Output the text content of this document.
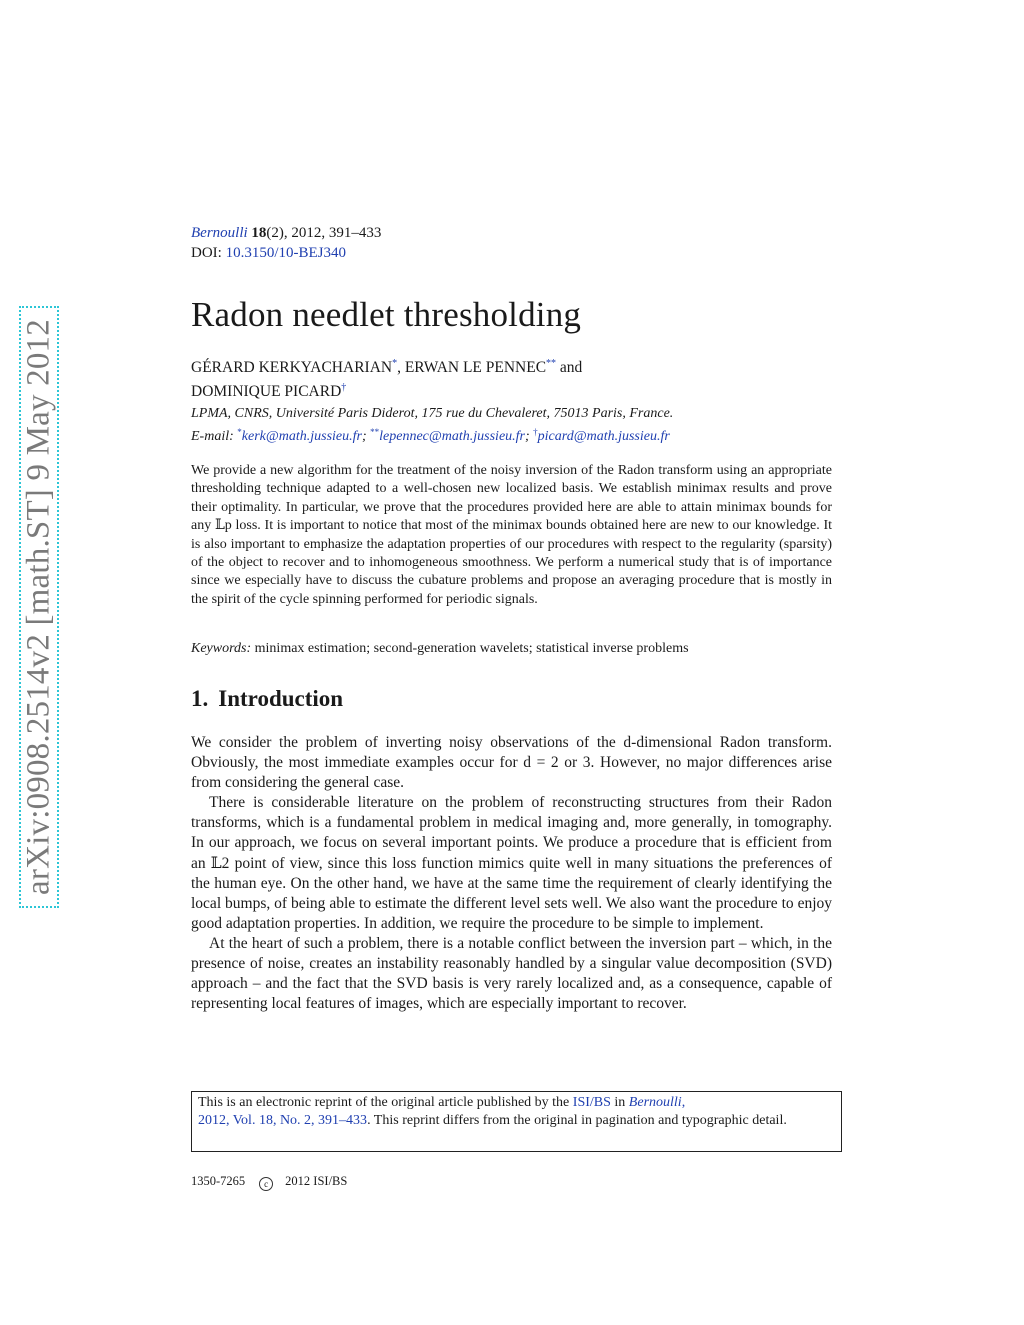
arXiv:0908.2514v2 [math.ST] 9 May 2012
Bernoulli 18(2), 2012, 391–433
DOI: 10.3150/10-BEJ340
Radon needlet thresholding
GÉRARD KERKYACHARIAN*, ERWAN LE PENNEC** and
DOMINIQUE PICARD†
LPMA, CNRS, Université Paris Diderot, 175 rue du Chevaleret, 75013 Paris, France.
E-mail: *kerk@math.jussieu.fr; **lepennec@math.jussieu.fr; †picard@math.jussieu.fr
We provide a new algorithm for the treatment of the noisy inversion of the Radon transform using an appropriate thresholding technique adapted to a well-chosen new localized basis. We establish minimax results and prove their optimality. In particular, we prove that the procedures provided here are able to attain minimax bounds for any 𝕃p loss. It is important to notice that most of the minimax bounds obtained here are new to our knowledge. It is also important to emphasize the adaptation properties of our procedures with respect to the regularity (sparsity) of the object to recover and to inhomogeneous smoothness. We perform a numerical study that is of importance since we especially have to discuss the cubature problems and propose an averaging procedure that is mostly in the spirit of the cycle spinning performed for periodic signals.
Keywords: minimax estimation; second-generation wavelets; statistical inverse problems
1. Introduction

We consider the problem of inverting noisy observations of the d-dimensional Radon transform. Obviously, the most immediate examples occur for d = 2 or 3. However, no major differences arise from considering the general case.

There is considerable literature on the problem of reconstructing structures from their Radon transforms, which is a fundamental problem in medical imaging and, more generally, in tomography. In our approach, we focus on several important points. We produce a procedure that is efficient from an 𝕃2 point of view, since this loss function mimics quite well in many situations the preferences of the human eye. On the other hand, we have at the same time the requirement of clearly identifying the local bumps, of being able to estimate the different level sets well. We also want the procedure to enjoy good adaptation properties. In addition, we require the procedure to be simple to implement.

At the heart of such a problem, there is a notable conflict between the inversion part – which, in the presence of noise, creates an instability reasonably handled by a singular value decomposition (SVD) approach – and the fact that the SVD basis is very rarely localized and, as a consequence, capable of representing local features of images, which are especially important to recover.

1350-7265 c 2012 ISI/BS
This is an electronic reprint of the original article published by the ISI/BS in Bernoulli,
2012, Vol. 18, No. 2, 391–433. This reprint differs from the original in pagination and typographic detail.
